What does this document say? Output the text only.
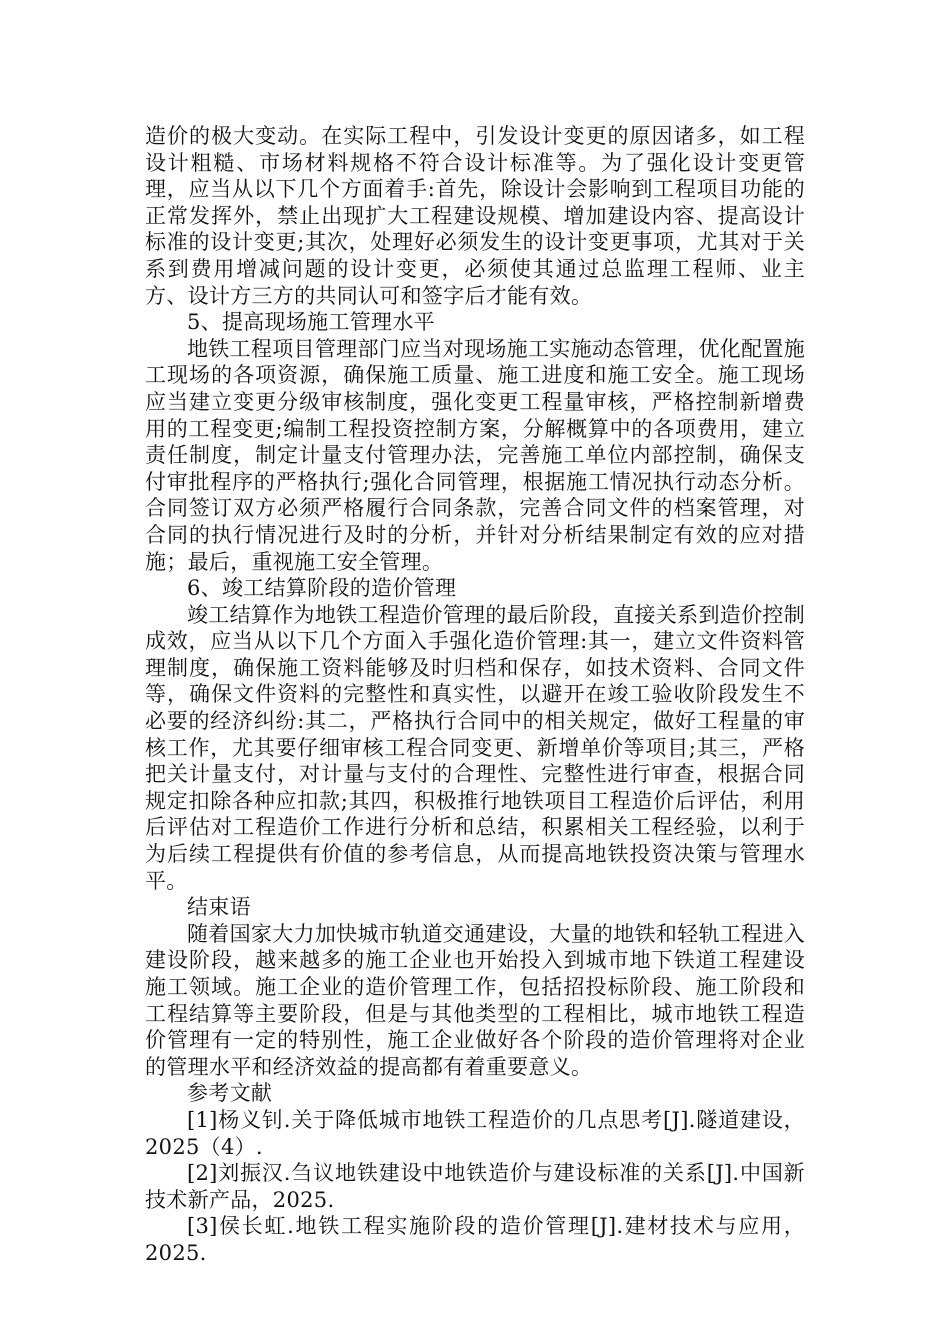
造价的极大变动。在实际工程中，引发设计变更的原因诸多，如工程设计粗糙、市场材料规格不符合设计标准等。为了强化设计变更管理，应当从以下几个方面着手:首先，除设计会影响到工程项目功能的正常发挥外，禁止出现扩大工程建设规模、增加建设内容、提高设计标准的设计变更;其次，处理好必须发生的设计变更事项，尤其对于关系到费用增减问题的设计变更，必须使其通过总监理工程师、业主方、设计方三方的共同认可和签字后才能有效。

5、提高现场施工管理水平

地铁工程项目管理部门应当对现场施工实施动态管理，优化配置施工现场的各项资源，确保施工质量、施工进度和施工安全。施工现场应当建立变更分级审核制度，强化变更工程量审核，严格控制新增费用的工程变更;编制工程投资控制方案，分解概算中的各项费用，建立责任制度，制定计量支付管理办法，完善施工单位内部控制，确保支付审批程序的严格执行;强化合同管理，根据施工情况执行动态分析。合同签订双方必须严格履行合同条款，完善合同文件的档案管理，对合同的执行情况进行及时的分析，并针对分析结果制定有效的应对措施；最后，重视施工安全管理。

6、竣工结算阶段的造价管理

竣工结算作为地铁工程造价管理的最后阶段，直接关系到造价控制成效，应当从以下几个方面入手强化造价管理:其一，建立文件资料管理制度，确保施工资料能够及时归档和保存，如技术资料、合同文件等，确保文件资料的完整性和真实性，以避开在竣工验收阶段发生不必要的经济纠纷:其二，严格执行合同中的相关规定，做好工程量的审核工作，尤其要仔细审核工程合同变更、新增单价等项目;其三，严格把关计量支付，对计量与支付的合理性、完整性进行审查，根据合同规定扣除各种应扣款;其四，积极推行地铁项目工程造价后评估，利用后评估对工程造价工作进行分析和总结，积累相关工程经验，以利于为后续工程提供有价值的参考信息，从而提高地铁投资决策与管理水平。

结束语

随着国家大力加快城市轨道交通建设，大量的地铁和轻轨工程进入建设阶段，越来越多的施工企业也开始投入到城市地下铁道工程建设施工领域。施工企业的造价管理工作，包括招投标阶段、施工阶段和工程结算等主要阶段，但是与其他类型的工程相比，城市地铁工程造价管理有一定的特别性，施工企业做好各个阶段的造价管理将对企业的管理水平和经济效益的提高都有着重要意义。

参考文献

[1]杨义钊.关于降低城市地铁工程造价的几点思考[J].隧道建设，2025（4）.

[2]刘振汉.刍议地铁建设中地铁造价与建设标准的关系[J].中国新技术新产品，2025.

[3]侯长虹.地铁工程实施阶段的造价管理[J].建材技术与应用，2025.
